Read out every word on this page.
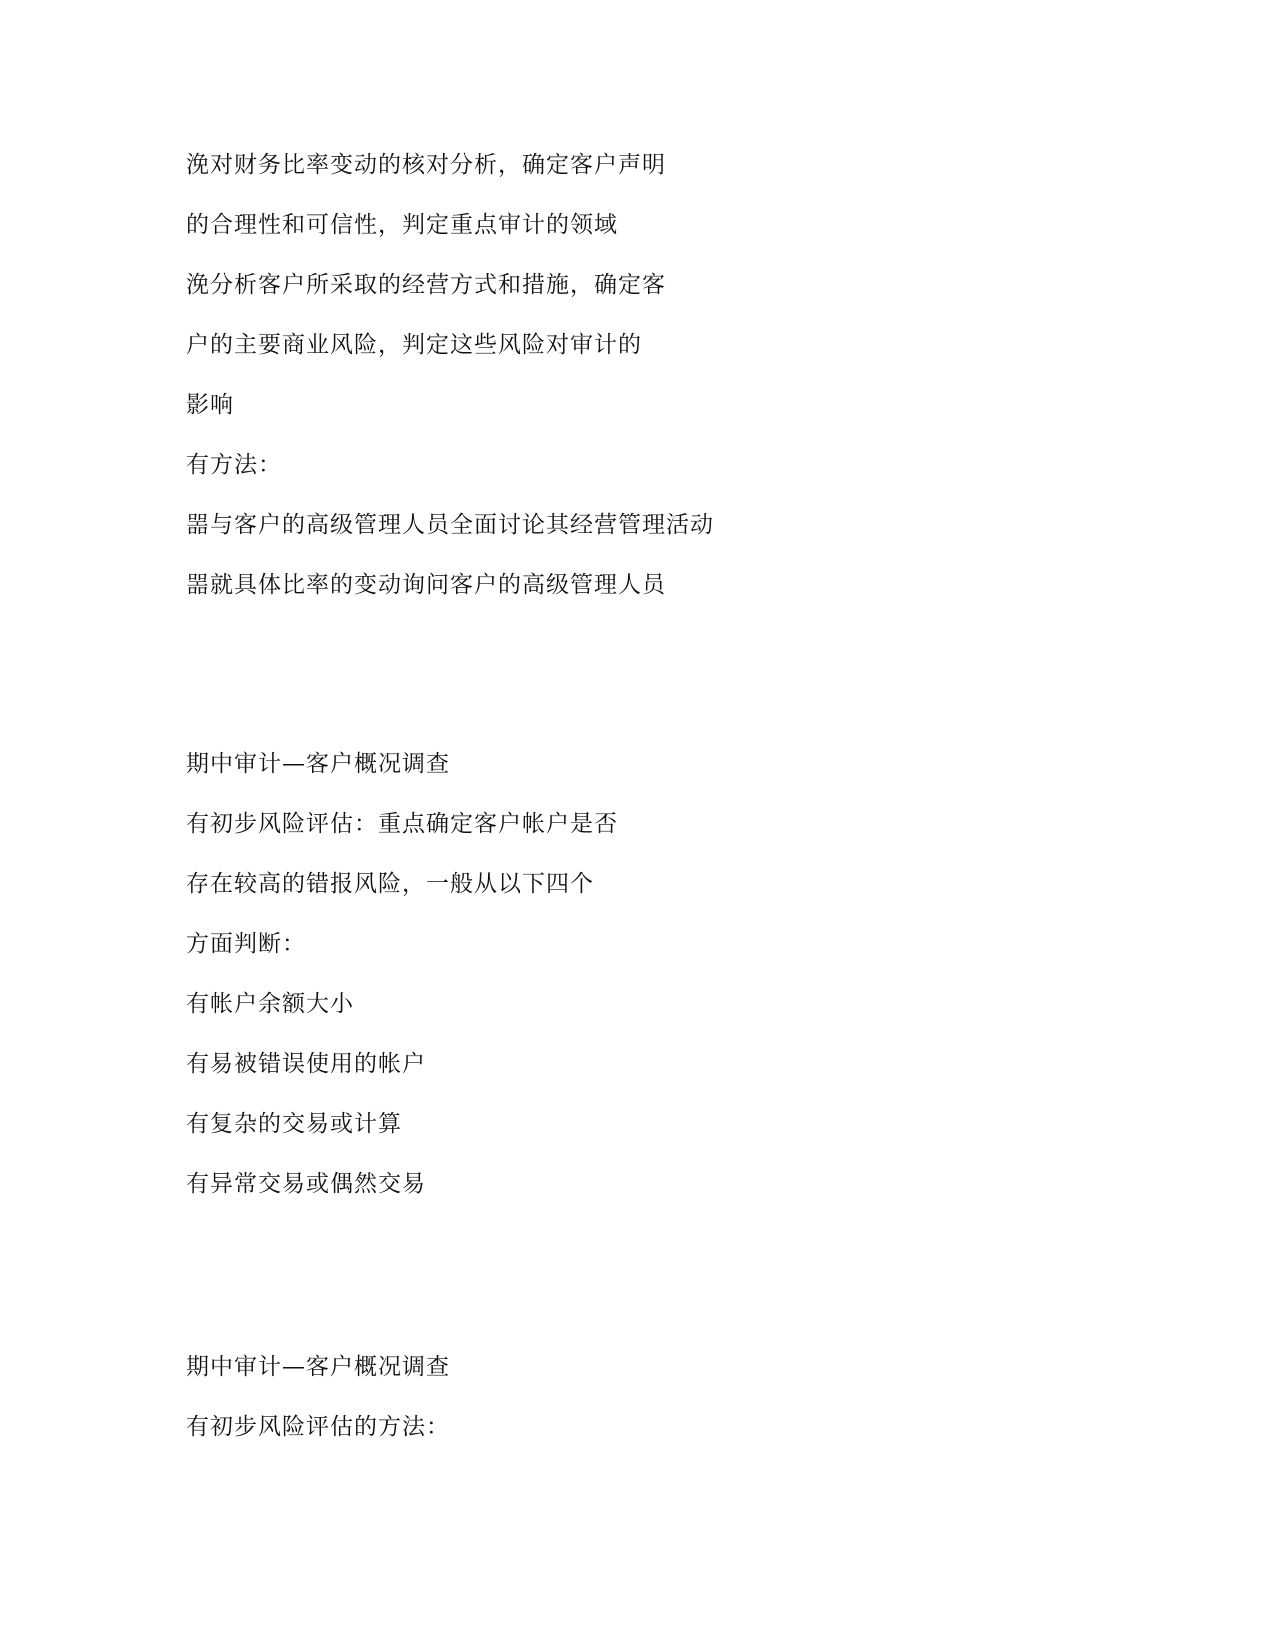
浼对财务比率变动的核对分析，确定客户声明
的合理性和可信性，判定重点审计的领域
浼分析客户所采取的经营方式和措施，确定客
户的主要商业风险，判定这些风险对审计的
影响
有方法：
噐与客户的高级管理人员全面讨论其经营管理活动
噐就具体比率的变动询问客户的高级管理人员
期中审计—客户概况调查
有初步风险评估：重点确定客户帐户是否
存在较高的错报风险，一般从以下四个
方面判断：
有帐户余额大小
有易被错误使用的帐户
有复杂的交易或计算
有异常交易或偶然交易
期中审计—客户概况调查
有初步风险评估的方法：
